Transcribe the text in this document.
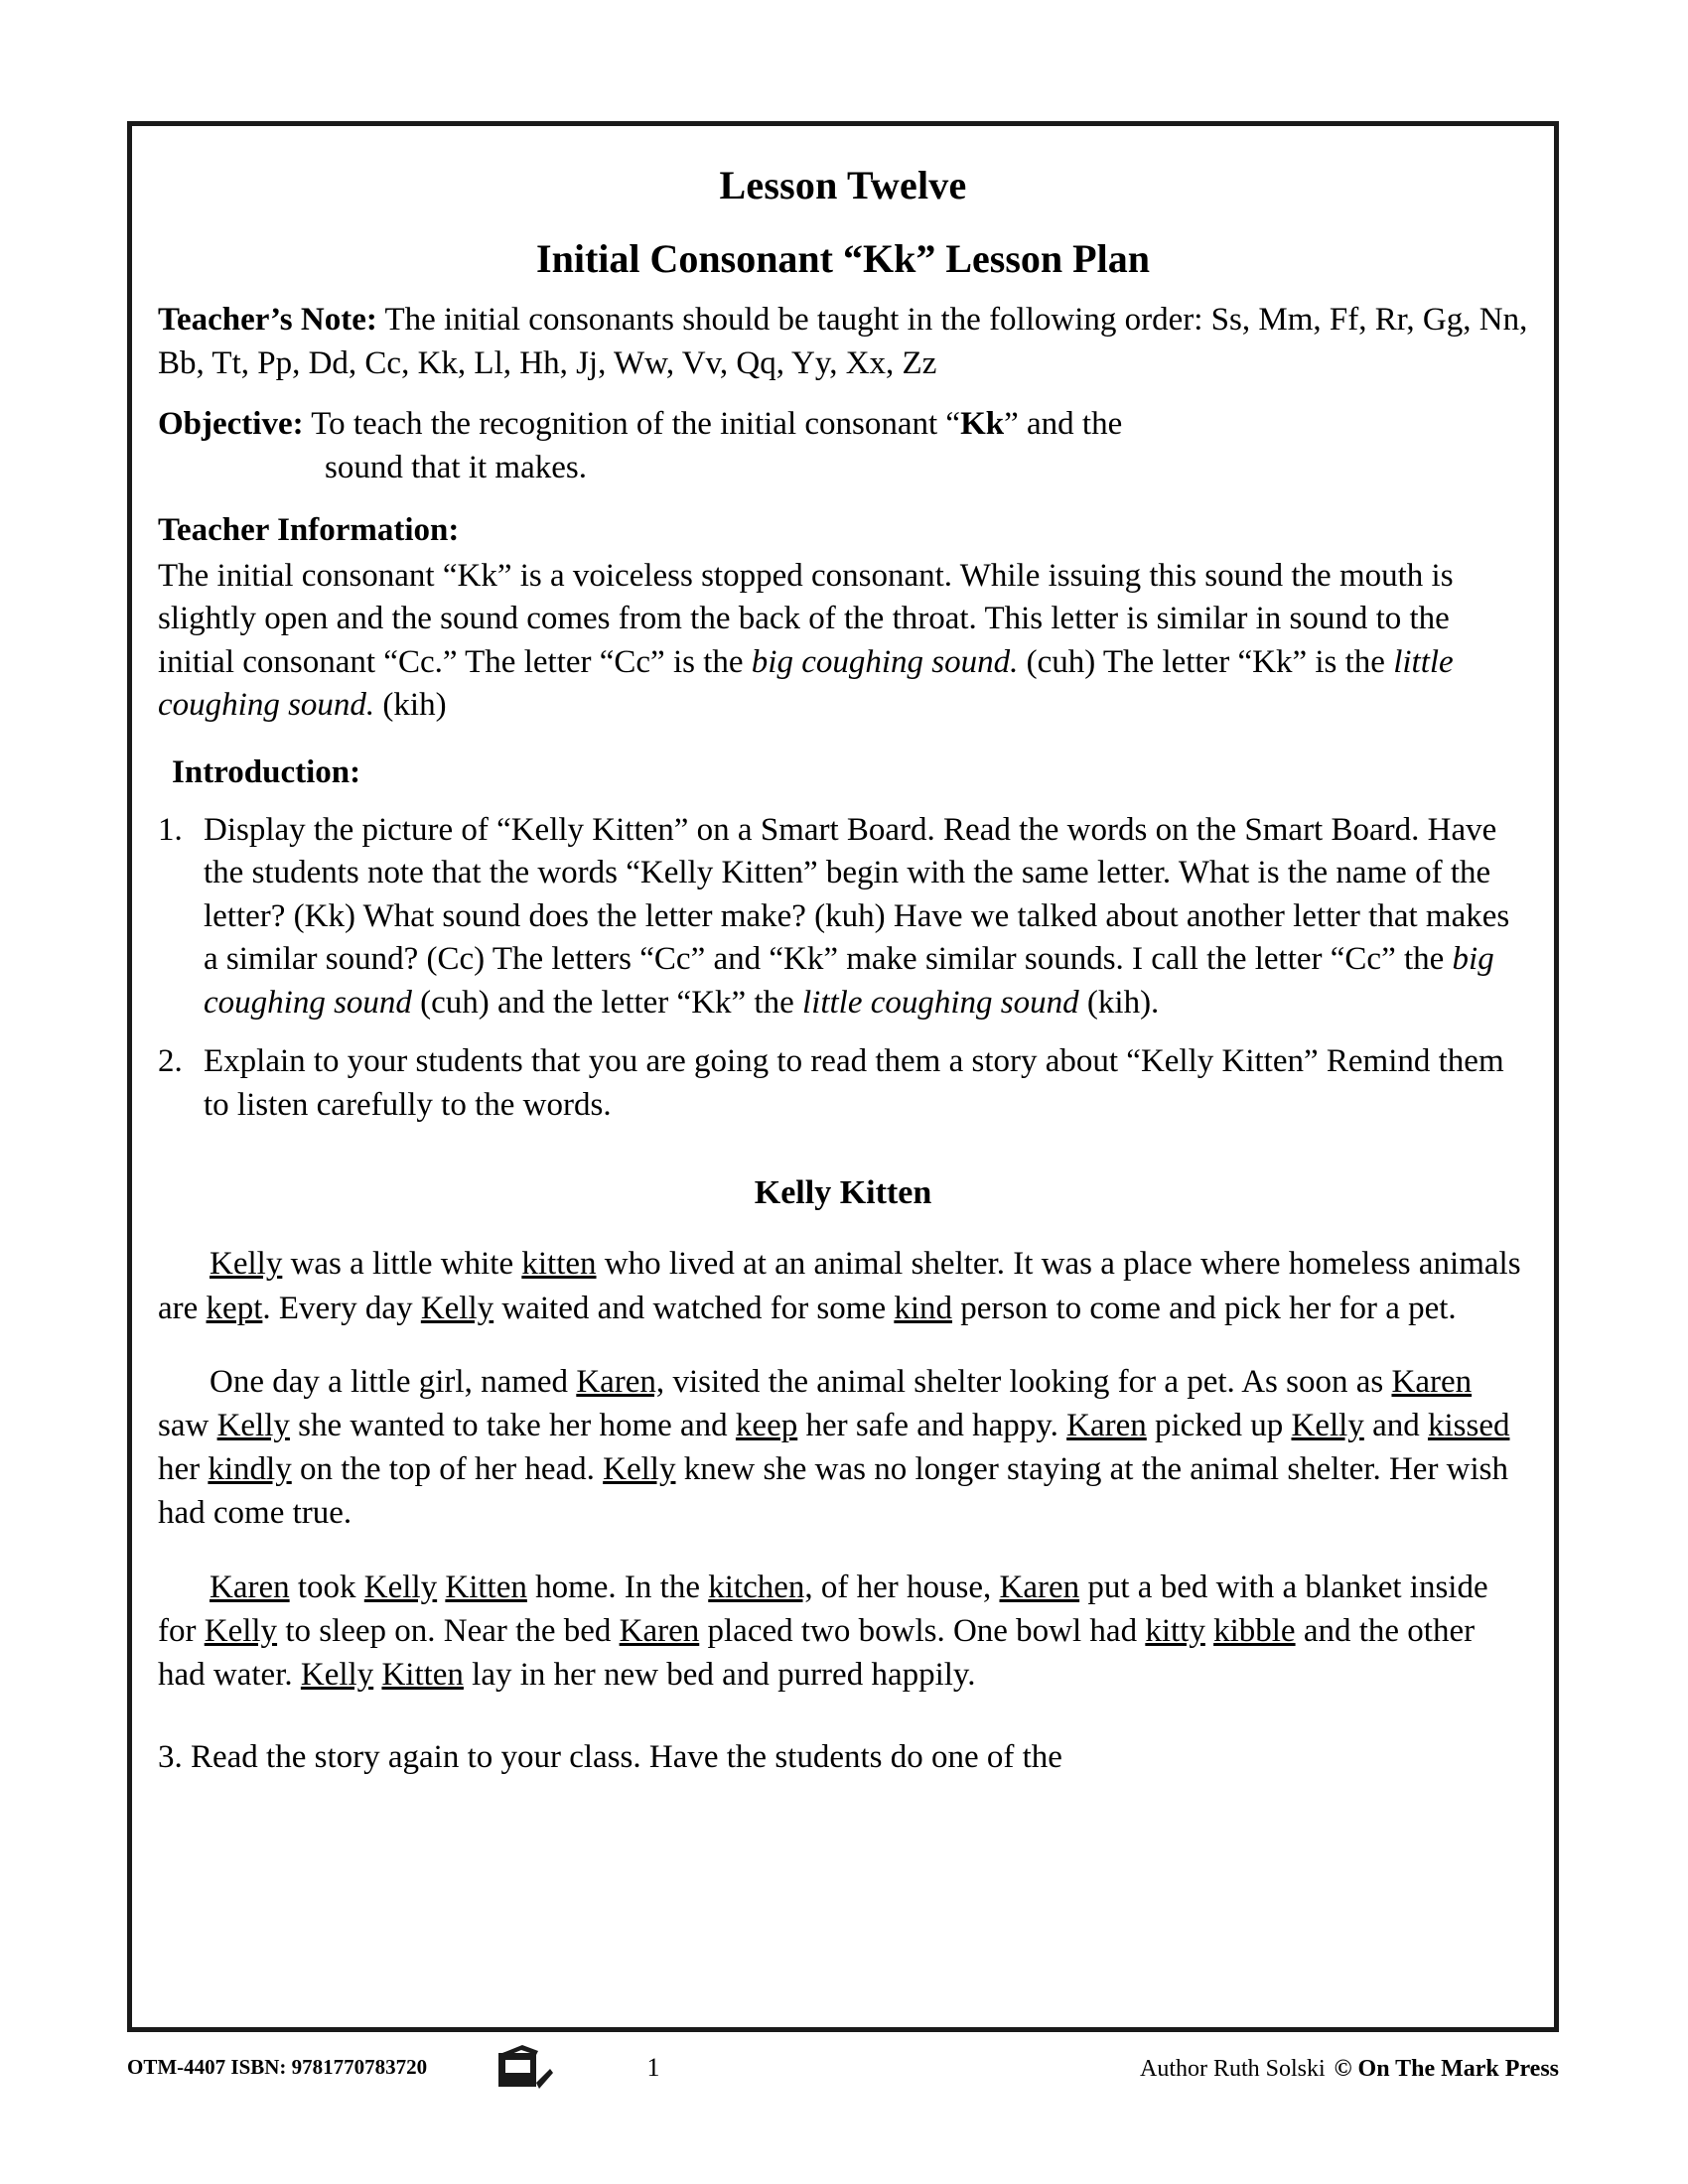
Lesson Twelve
Initial Consonant “Kk” Lesson Plan

Teacher’s Note: The initial consonants should be taught in the following order: Ss, Mm, Ff, Rr, Gg, Nn, Bb, Tt, Pp, Dd, Cc, Kk, Ll, Hh, Jj, Ww, Vv, Qq, Yy, Xx, Zz

Objective: To teach the recognition of the initial consonant “Kk” and the
sound that it makes.

Teacher Information:

The initial consonant “Kk” is a voiceless stopped consonant. While issuing this sound the mouth is slightly open and the sound comes from the back of the throat. This letter is similar in sound to the initial consonant “Cc.” The letter “Cc” is the big coughing sound. (cuh) The letter “Kk” is the little coughing sound. (kih)

Introduction:
1. Display the picture of “Kelly Kitten” on a Smart Board. Read the words on the Smart Board. Have the students note that the words “Kelly Kitten” begin with the same letter. What is the name of the letter? (Kk) What sound does the letter make? (kuh) Have we talked about another letter that makes a similar sound? (Cc) The letters “Cc” and “Kk” make similar sounds. I call the letter “Cc” the big coughing sound (cuh) and the letter “Kk” the little coughing sound (kih).
2. Explain to your students that you are going to read them a story about “Kelly Kitten” Remind them to listen carefully to the words.
Kelly Kitten

Kelly was a little white kitten who lived at an animal shelter. It was a place where homeless animals are kept. Every day Kelly waited and watched for some kind person to come and pick her for a pet.

One day a little girl, named Karen, visited the animal shelter looking for a pet. As soon as Karen saw Kelly she wanted to take her home and keep her safe and happy. Karen picked up Kelly and kissed her kindly on the top of her head. Kelly knew she was no longer staying at the animal shelter. Her wish had come true.

Karen took Kelly Kitten home. In the kitchen, of her house, Karen put a bed with a blanket inside for Kelly to sleep on. Near the bed Karen placed two bowls. One bowl had kitty kibble and the other had water. Kelly Kitten lay in her new bed and purred happily.

3. Read the story again to your class. Have the students do one of the
OTM-4407 ISBN: 9781770783720	1	Author Ruth Solski © On The Mark Press
